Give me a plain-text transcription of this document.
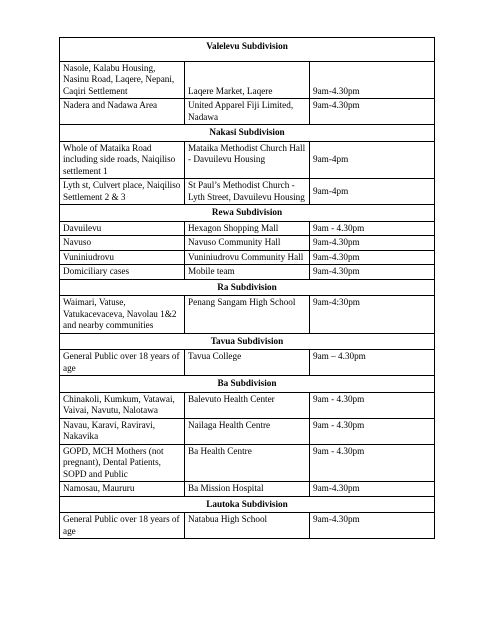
Valelevu Subdivision		
Nasole, Kalabu Housing, Nasinu Road, Laqere, Nepani, Caqiri Settlement	Laqere Market, Laqere	9am-4.30pm
Nadera and Nadawa Area	United Apparel Fiji Limited, Nadawa	9am-4.30pm
Nakasi Subdivision		
Whole of Mataika Road including side roads, Naiqiliso settlement 1	Mataika Methodist Church Hall - Davuilevu Housing	9am-4pm
Lyth st, Culvert place, Naiqiliso Settlement 2 & 3	St Paul’s Methodist Church - Lyth Street, Davuilevu Housing	9am-4pm
Rewa Subdivision		
Davuilevu	Hexagon Shopping Mall	9am - 4.30pm
Navuso	Navuso Community Hall	9am-4.30pm
Vuniniudrovu	Vuniniudrovu Community Hall	9am-4.30pm
Domiciliary cases	Mobile team	9am-4.30pm
Ra Subdivision		
Waimari, Vatuse, Vatukacevaceva, Navolau 1&2 and nearby communities	Penang Sangam High School	9am-4:30pm
Tavua Subdivision		
General Public over 18 years of age	Tavua College	9am – 4.30pm
Ba Subdivision		
Chinakoli, Kumkum, Vatawai, Vaivai, Navutu, Nalotawa	Balevuto Health Center	9am - 4.30pm
Navau, Karavi, Raviravi, Nakavika	Nailaga Health Centre	9am - 4.30pm
GOPD, MCH Mothers (not pregnant), Dental Patients, SOPD and Public	Ba Health Centre	9am - 4.30pm
Namosau, Maururu	Ba Mission Hospital	9am-4.30pm
Lautoka Subdivision		
General Public over 18 years of age	Natabua High School	9am-4.30pm
